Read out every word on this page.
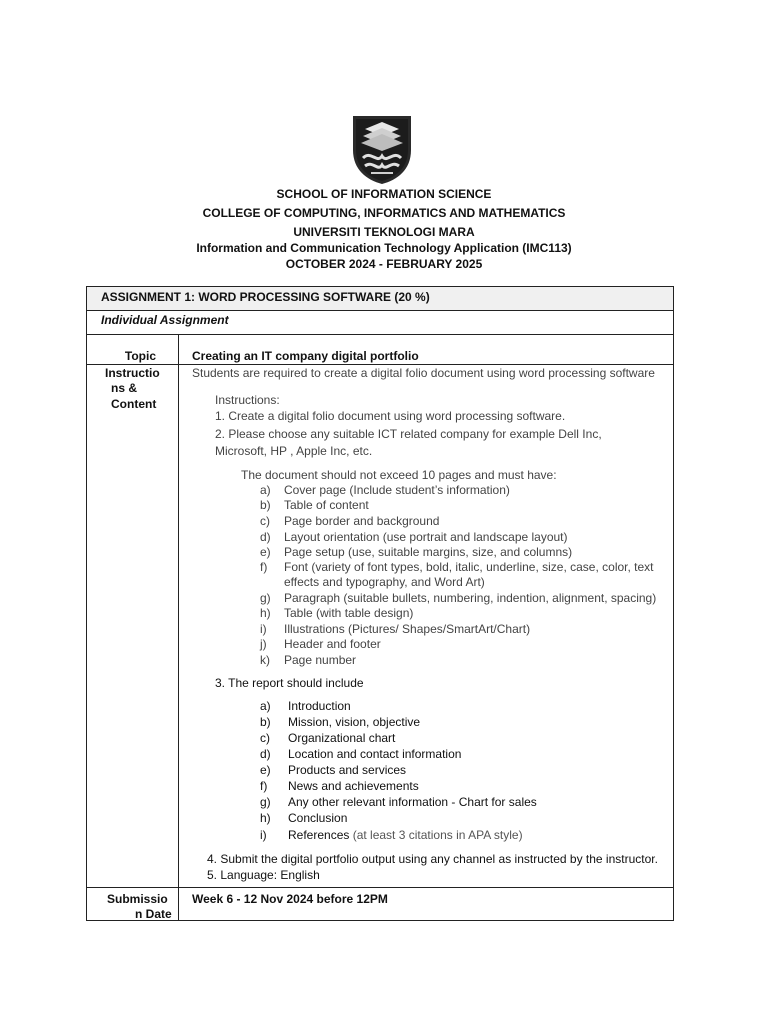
SCHOOL OF INFORMATION SCIENCE
COLLEGE OF COMPUTING, INFORMATICS AND MATHEMATICS
UNIVERSITI TEKNOLOGI MARA
Information and Communication Technology Application (IMC113)
OCTOBER 2024 - FEBRUARY 2025
ASSIGNMENT 1: WORD PROCESSING SOFTWARE (20 %)
Individual Assignment
Topic	Creating an IT company digital portfolio
Instructio
ns &
Content
Students are required to create a digital folio document using word processing software
Instructions:
1. Create a digital folio document using word processing software.
2. Please choose any suitable ICT related company for example Dell Inc,
Microsoft, HP , Apple Inc, etc.
The document should not exceed 10 pages and must have:
a) Cover page (Include student’s information)
b) Table of content
c) Page border and background
d) Layout orientation (use portrait and landscape layout)
e) Page setup (use, suitable margins, size, and columns)
f) Font (variety of font types, bold, italic, underline, size, case, color, text
effects and typography, and Word Art)
g) Paragraph (suitable bullets, numbering, indention, alignment, spacing)
h) Table (with table design)
i) Illustrations (Pictures/ Shapes/SmartArt/Chart)
j) Header and footer
k) Page number
3. The report should include
a) Introduction
b) Mission, vision, objective
c) Organizational chart
d) Location and contact information
e) Products and services
f) News and achievements
g) Any other relevant information - Chart for sales
h) Conclusion
i) References (at least 3 citations in APA style)
4. Submit the digital portfolio output using any channel as instructed by the instructor.
5. Language: English
Submissio
n Date
Week 6 - 12 Nov 2024 before 12PM
